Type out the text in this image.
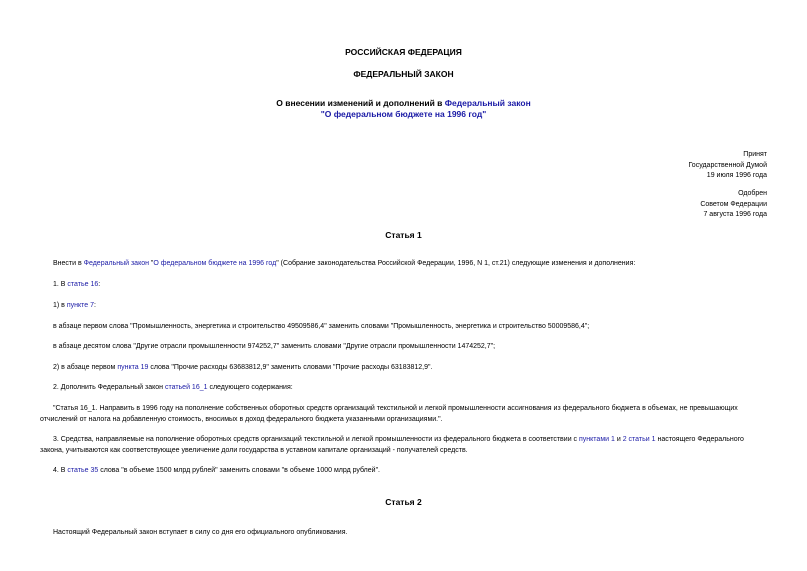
РОССИЙСКАЯ ФЕДЕРАЦИЯ
ФЕДЕРАЛЬНЫЙ ЗАКОН
О внесении изменений и дополнений в Федеральный закон
"О федеральном бюджете на 1996 год"
Принят
Государственной Думой
19 июля 1996 года
Одобрен
Советом Федерации
7 августа 1996 года
Статья 1
Внести в Федеральный закон "О федеральном бюджете на 1996 год" (Собрание законодательства Российской Федерации, 1996, N 1, ст.21) следующие изменения и дополнения:
1. В статье 16:
1) в пункте 7:
в абзаце первом слова "Промышленность, энергетика и строительство 49509586,4" заменить словами "Промышленность, энергетика и строительство 50009586,4";
в абзаце десятом слова "Другие отрасли промышленности 974252,7" заменить словами "Другие отрасли промышленности 1474252,7";
2) в абзаце первом пункта 19 слова "Прочие расходы 63683812,9" заменить словами "Прочие расходы 63183812,9".
2. Дополнить Федеральный закон статьей 16_1 следующего содержания:
"Статья 16_1. Направить в 1996 году на пополнение собственных оборотных средств организаций текстильной и легкой промышленности ассигнования из федерального бюджета в объемах, не превышающих
отчислений от налога на добавленную стоимость, вносимых в доход федерального бюджета указанными организациями.".
3. Средства, направляемые на пополнение оборотных средств организаций текстильной и легкой промышленности из федерального бюджета в соответствии с пунктами 1 и 2 статьи 1 настоящего Федерального
закона, учитываются как соответствующее увеличение доли государства в уставном капитале организаций - получателей средств.
4. В статье 35 слова "в объеме 1500 млрд рублей" заменить словами "в объеме 1000 млрд рублей".
Статья 2
Настоящий Федеральный закон вступает в силу со дня его официального опубликования.
